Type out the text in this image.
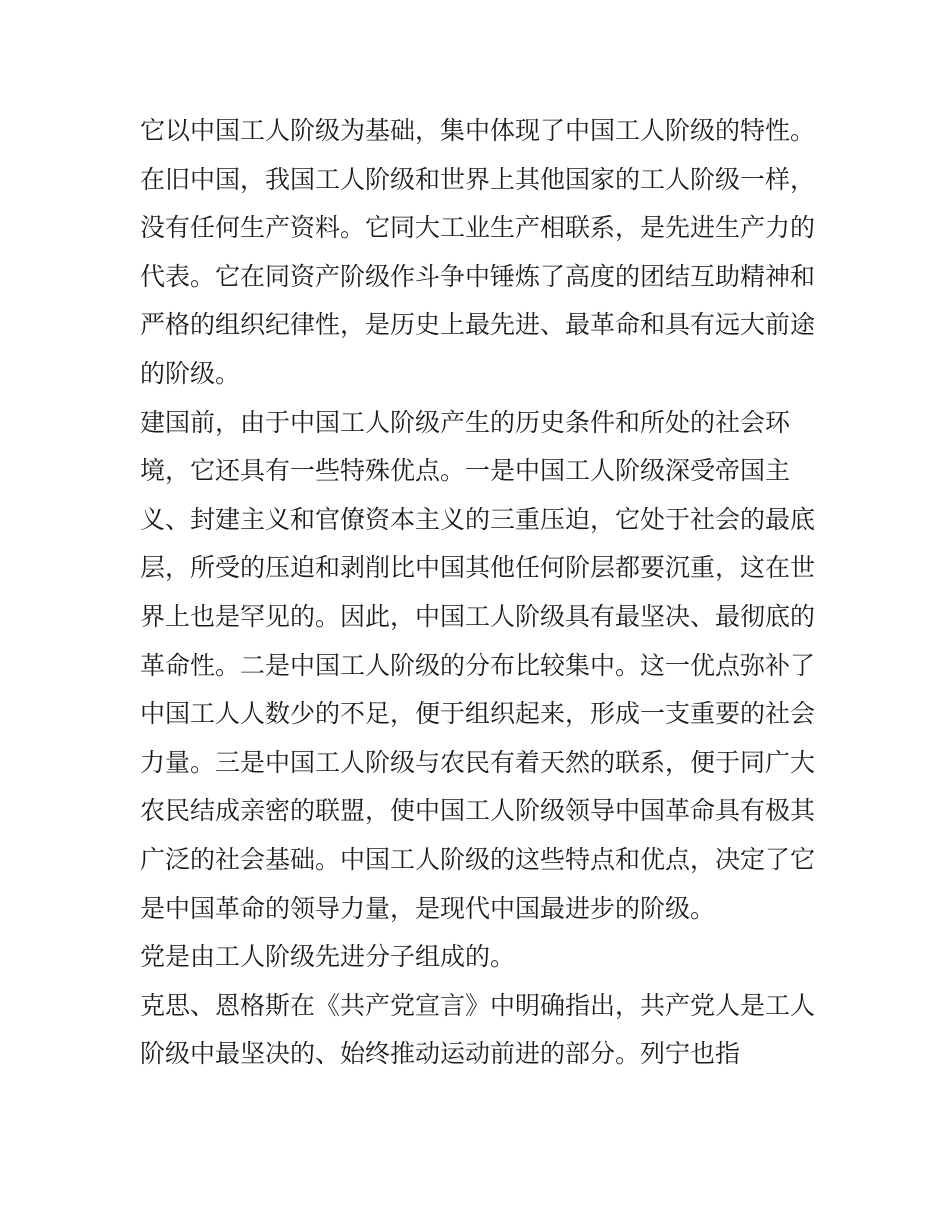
它以中国工人阶级为基础，集中体现了中国工人阶级的特性。
在旧中国，我国工人阶级和世界上其他国家的工人阶级一样，
没有任何生产资料。它同大工业生产相联系，是先进生产力的
代表。它在同资产阶级作斗争中锤炼了高度的团结互助精神和
严格的组织纪律性，是历史上最先进、最革命和具有远大前途
的阶级。
建国前，由于中国工人阶级产生的历史条件和所处的社会环
境，它还具有一些特殊优点。一是中国工人阶级深受帝国主
义、封建主义和官僚资本主义的三重压迫，它处于社会的最底
层，所受的压迫和剥削比中国其他任何阶层都要沉重，这在世
界上也是罕见的。因此，中国工人阶级具有最坚决、最彻底的
革命性。二是中国工人阶级的分布比较集中。这一优点弥补了
中国工人人数少的不足，便于组织起来，形成一支重要的社会
力量。三是中国工人阶级与农民有着天然的联系，便于同广大
农民结成亲密的联盟，使中国工人阶级领导中国革命具有极其
广泛的社会基础。中国工人阶级的这些特点和优点，决定了它
是中国革命的领导力量，是现代中国最进步的阶级。
党是由工人阶级先进分子组成的。
克思、恩格斯在《共产党宣言》中明确指出，共产党人是工人
阶级中最坚决的、始终推动运动前进的部分。列宁也指
